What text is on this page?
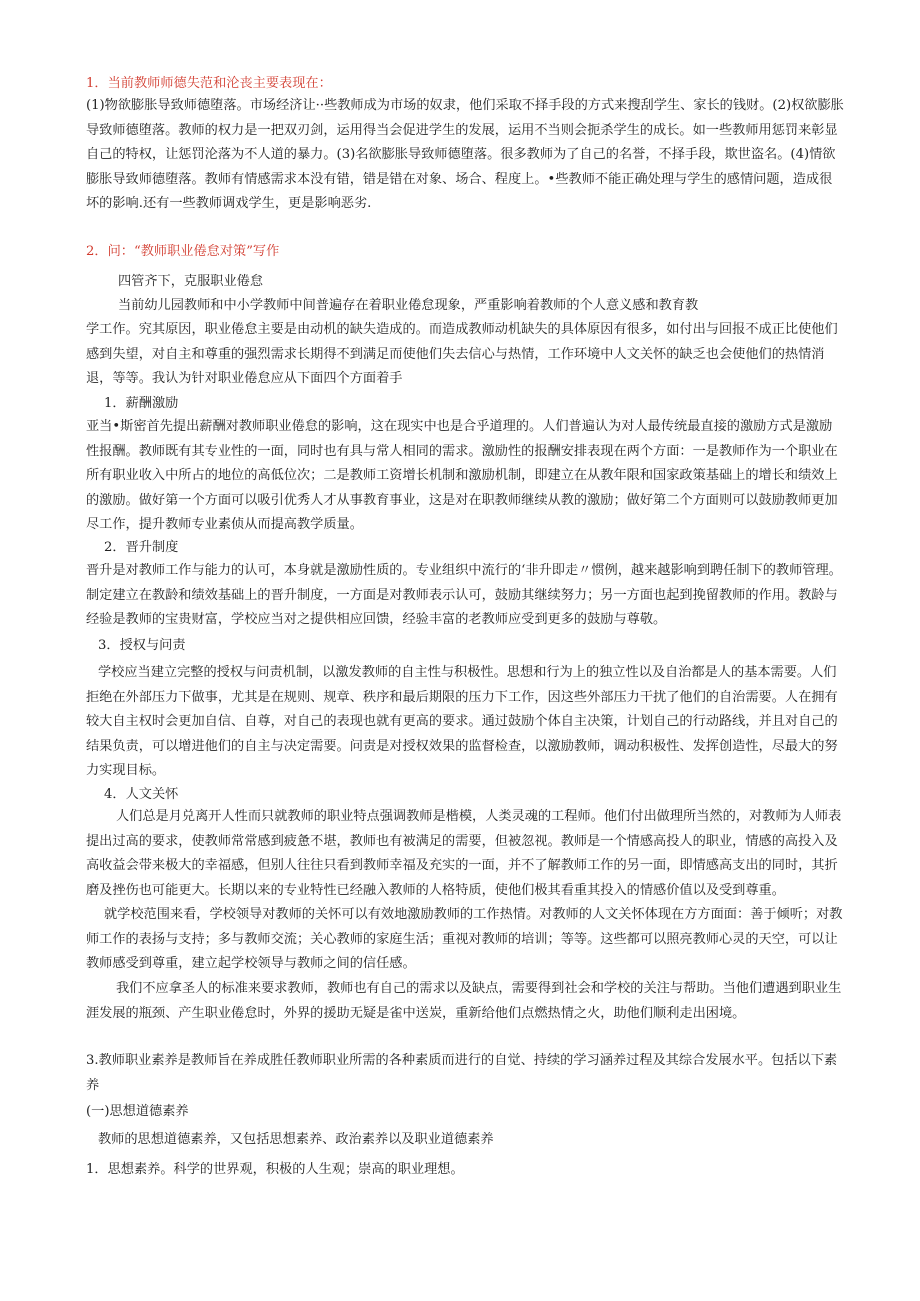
1．当前教师师德失范和沦丧主要表现在：

(1)物欲膨胀导致师德堕落。市场经济让··些教师成为市场的奴隶，他们采取不择手段的方式来搜刮学生、家长的钱财。(2)权欲膨胀导致师德堕落。教师的权力是一把双刃剑，运用得当会促进学生的发展，运用不当则会扼杀学生的成长。如一些教师用惩罚来彰显自己的特权，让惩罚沦落为不人道的暴力。(3)名欲膨胀导致师德堕落。很多教师为了自己的名誉，不择手段，欺世盗名。(4)情欲膨胀导致师德堕落。教师有情感需求本没有错，错是错在对象、场合、程度上。•些教师不能正确处理与学生的感情问题，造成很坏的影响.还有一些教师调戏学生，更是影响恶劣.

2．问：“教师职业倦怠对策”写作

四管齐下，克服职业倦怠

当前幼儿园教师和中小学教师中间普遍存在着职业倦怠现象，严重影响着教师的个人意义感和教育教

学工作。究其原因，职业倦怠主要是由动机的缺失造成的。而造成教师动机缺失的具体原因有很多，如付出与回报不成正比使他们感到失望，对自主和尊重的强烈需求长期得不到满足而使他们失去信心与热情，工作环境中人文关怀的缺乏也会使他们的热情消退，等等。我认为针对职业倦怠应从下面四个方面着手

1．薪酬激励

亚当•斯密首先提出薪酬对教师职业倦怠的影响，这在现实中也是合乎道理的。人们普遍认为对人最传统最直接的激励方式是激励性报酬。教师既有其专业性的一面，同时也有具与常人相同的需求。激励性的报酬安排表现在两个方面：一是教师作为一个职业在所有职业收入中所占的地位的高低位次；二是教师工资增长机制和激励机制，即建立在从教年限和国家政策基础上的增长和绩效上的激励。做好第一个方面可以吸引优秀人才从事教育事业，这是对在职教师继续从教的激励；做好第二个方面则可以鼓励教师更加尽工作，提升教师专业素侦从而提高教学质量。

2．晋升制度

晋升是对教师工作与能力的认可，本身就是激励性质的。专业组织中流行的‘非升即走〃惯例，越来越影响到聘任制下的教师管理。制定建立在教龄和绩效基础上的晋升制度，一方面是对教师表示认可，鼓励其继续努力；另一方面也起到挽留教师的作用。教龄与经验是教师的宝贵财富，学校应当对之提供相应回馈，经验丰富的老教师应受到更多的鼓励与尊敬。

3．授权与问责

学校应当建立完整的授权与问责机制，以激发教师的自主性与积极性。思想和行为上的独立性以及自治都是人的基本需要。人们拒绝在外部压力下做事，尤其是在规则、规章、秩序和最后期限的压力下工作，因这些外部压力干扰了他们的自治需要。人在拥有较大自主权时会更加自信、自尊，对自己的表现也就有更高的要求。通过鼓励个体自主决策，计划自己的行动路线，并且对自己的结果负责，可以增进他们的自主与决定需要。问责是对授权效果的监督检查，以激励教师，调动积极性、发挥创造性，尽最大的努力实现目标。

4．人文关怀

人们总是月兑离开人性而只就教师的职业特点强调教师是楷模，人类灵魂的工程师。他们付出做理所当然的，对教师为人师表提出过高的要求，使教师常常感到疲惫不堪，教师也有被满足的需要，但被忽视。教师是一个情感高投人的职业，情感的高投入及高收益会带来极大的幸福感，但别人往往只看到教师幸福及充实的一面，并不了解教师工作的另一面，即情感高支出的同时，其折磨及挫伤也可能更大。长期以来的专业特性已经融入教师的人格特质，使他们极其看重其投入的情感价值以及受到尊重。

就学校范围来看，学校领导对教师的关怀可以有效地激励教师的工作热情。对教师的人文关怀体现在方方面面：善于倾听；对教师工作的表扬与支持；多与教师交流；关心教师的家庭生活；重视对教师的培训；等等。这些都可以照亮教师心灵的天空，可以让教师感受到尊重，建立起学校领导与教师之间的信任感。

我们不应拿圣人的标准来要求教师，教师也有自己的需求以及缺点，需要得到社会和学校的关注与帮助。当他们遭遇到职业生涯发展的瓶颈、产生职业倦怠时，外界的援助无疑是雀中送炭，重新给他们点燃热情之火，助他们顺利走出困境。

3.教师职业素养是教师旨在养成胜任教师职业所需的各种素质而进行的自觉、持续的学习涵养过程及其综合发展水平。包括以下素养

(一)思想道德素养

教师的思想道德素养，又包括思想素养、政治素养以及职业道德素养

1．思想素养。科学的世界观，积极的人生观；崇高的职业理想。
